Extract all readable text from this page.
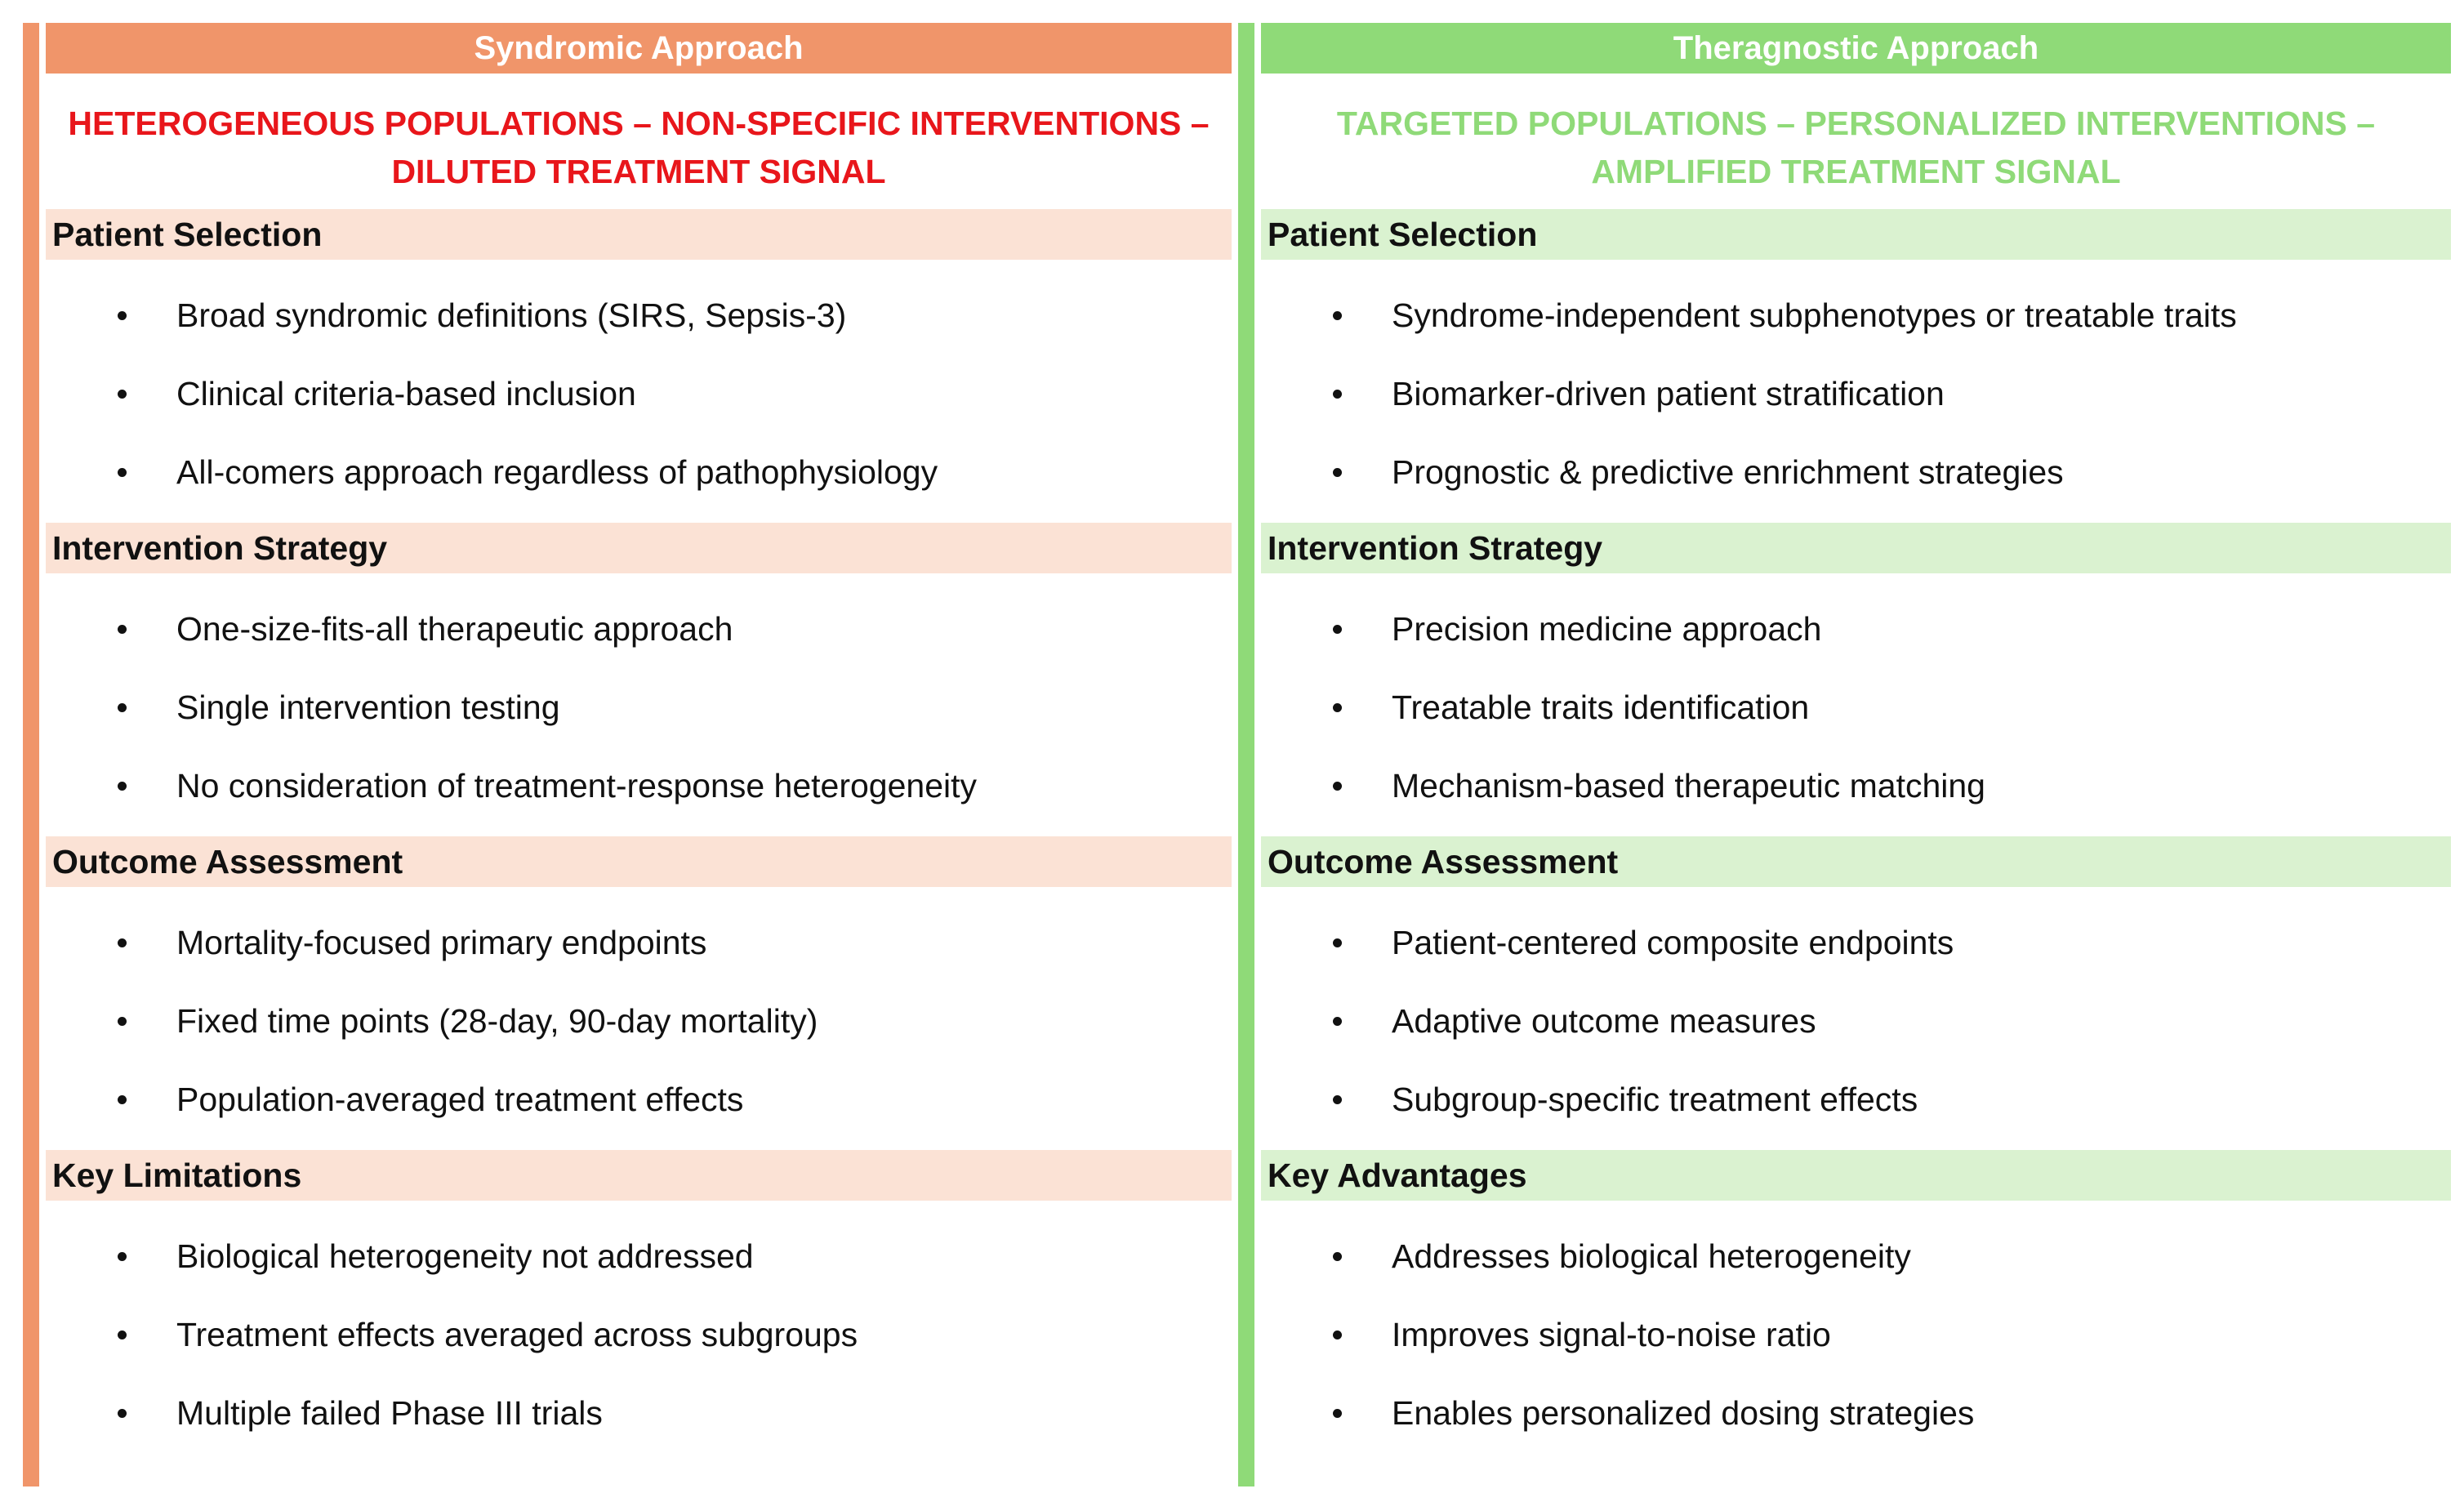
Syndromic Approach
HETEROGENEOUS POPULATIONS – NON-SPECIFIC INTERVENTIONS – DILUTED TREATMENT SIGNAL
Patient Selection
Broad syndromic definitions (SIRS, Sepsis-3)
Clinical criteria-based inclusion
All-comers approach regardless of pathophysiology
Intervention Strategy
One-size-fits-all therapeutic approach
Single intervention testing
No consideration of treatment-response heterogeneity
Outcome Assessment
Mortality-focused primary endpoints
Fixed time points (28-day, 90-day mortality)
Population-averaged treatment effects
Key Limitations
Biological heterogeneity not addressed
Treatment effects averaged across subgroups
Multiple failed Phase III trials
Theragnostic Approach
TARGETED POPULATIONS – PERSONALIZED INTERVENTIONS – AMPLIFIED TREATMENT SIGNAL
Patient Selection
Syndrome-independent subphenotypes or treatable traits
Biomarker-driven patient stratification
Prognostic & predictive enrichment strategies
Intervention Strategy
Precision medicine approach
Treatable traits identification
Mechanism-based therapeutic matching
Outcome Assessment
Patient-centered composite endpoints
Adaptive outcome measures
Subgroup-specific treatment effects
Key Advantages
Addresses biological heterogeneity
Improves signal-to-noise ratio
Enables personalized dosing strategies
